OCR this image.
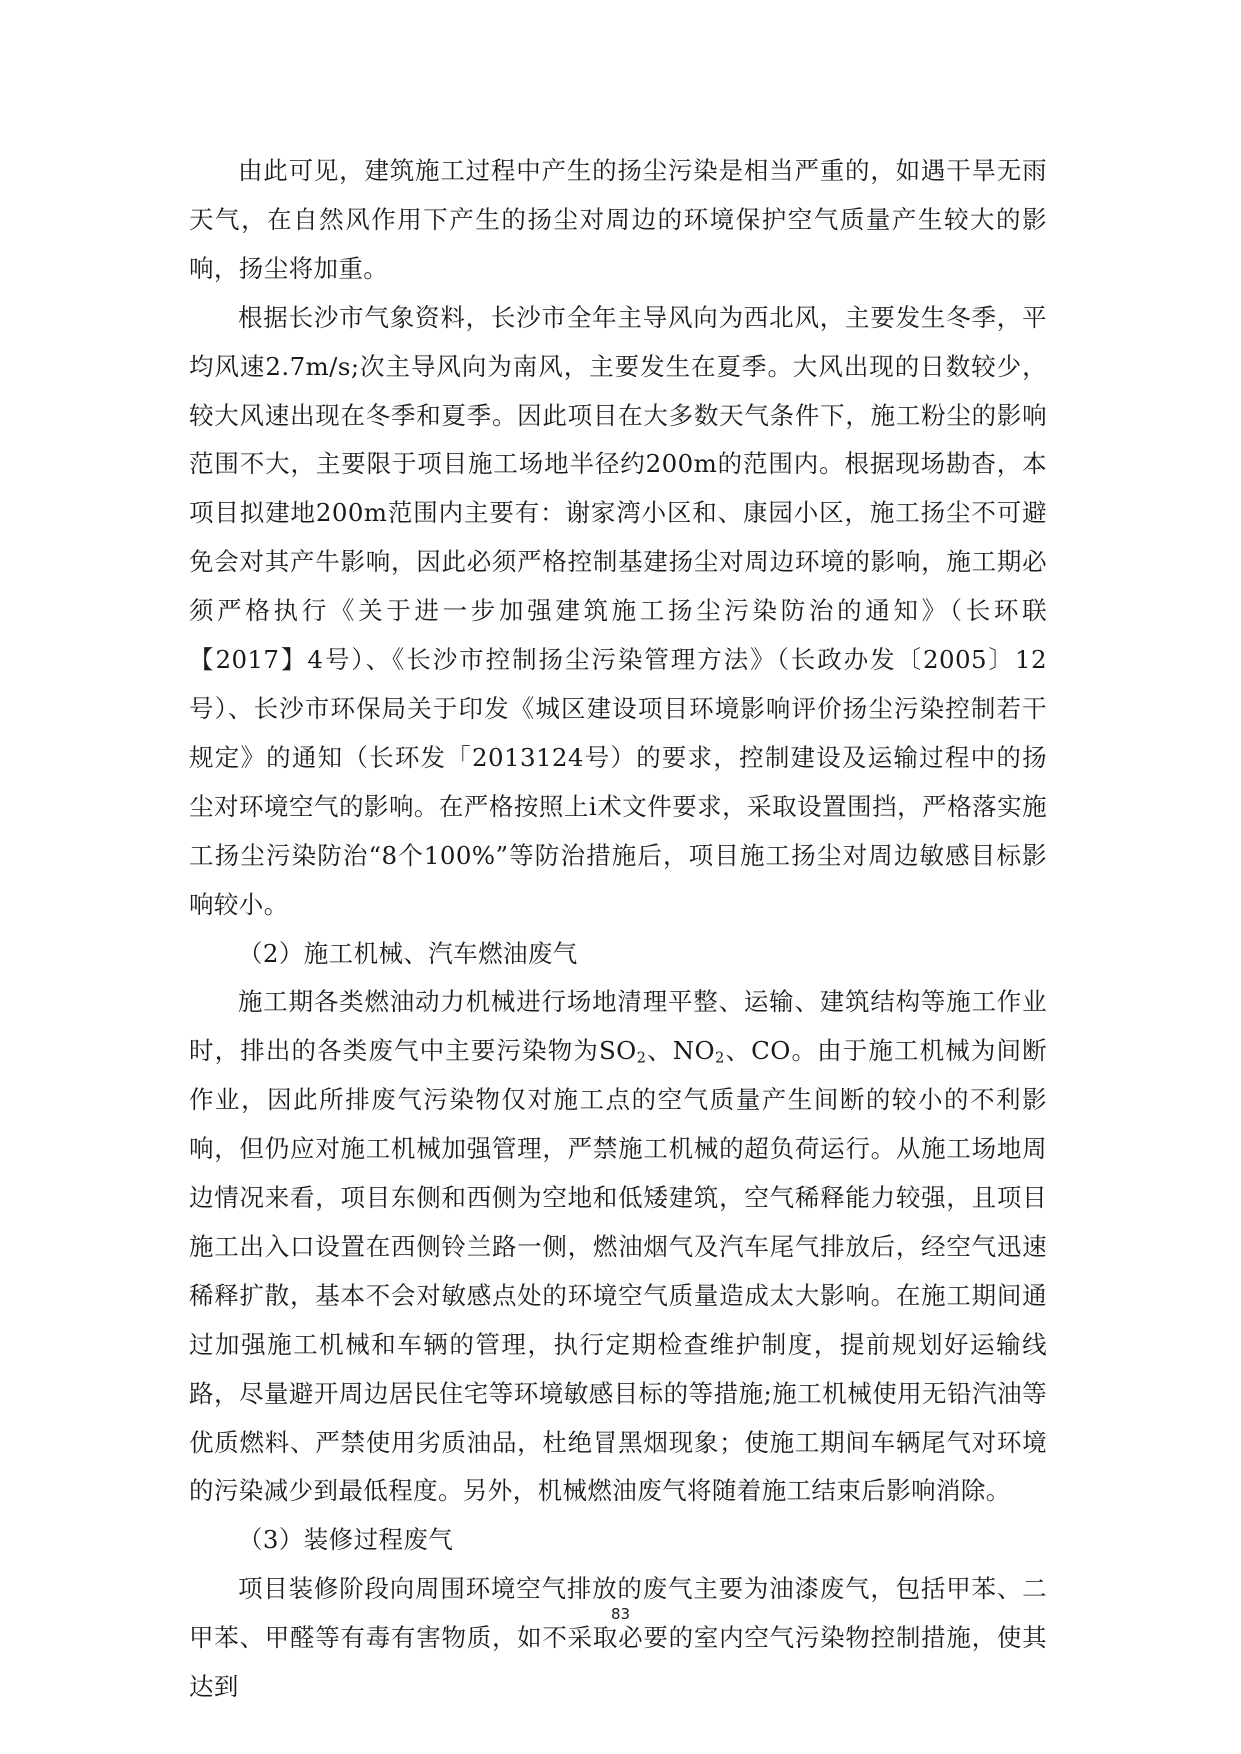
由此可见，建筑施工过程中产生的扬尘污染是相当严重的，如遇干旱无雨天气，在自然风作用下产生的扬尘对周边的环境保护空气质量产生较大的影响，扬尘将加重。

根据长沙市气象资料，长沙市全年主导风向为西北风，主要发生冬季，平均风速2.7m/s;次主导风向为南风，主要发生在夏季。大风出现的日数较少，较大风速出现在冬季和夏季。因此项目在大多数天气条件下，施工粉尘的影响范围不大，主要限于项目施工场地半径约200m的范围内。根据现场勘杳，本项目拟建地200m范围内主要有：谢家湾小区和、康园小区，施工扬尘不可避免会对其产牛影响，因此必须严格控制基建扬尘对周边环境的影响，施工期必须严格执行《关于进一步加强建筑施工扬尘污染防治的通知》（长环联【2017】4号）、《长沙市控制扬尘污染管理方法》（长政办发〔2005〕12号）、长沙市环保局关于印发《城区建设项目环境影响评价扬尘污染控制若干规定》的通知（长环发「2013124号）的要求，控制建设及运输过程中的扬尘对环境空气的影响。在严格按照上i术文件要求，采取设置围挡，严格落实施工扬尘污染防治“8个100%”等防治措施后，项目施工扬尘对周边敏感目标影响较小。

（2）施工机械、汽车燃油废气

施工期各类燃油动力机械进行场地清理平整、运输、建筑结构等施工作业时，排出的各类废气中主要污染物为$SO_2$、$NO_2$、CO。由于施工机械为间断作业，因此所排废气污染物仅对施工点的空气质量产生间断的较小的不利影响，但仍应对施工机械加强管理，严禁施工机械的超负荷运行。从施工场地周边情况来看，项目东侧和西侧为空地和低矮建筑，空气稀释能力较强，且项目施工出入口设置在西侧铃兰路一侧，燃油烟气及汽车尾气排放后，经空气迅速稀释扩散，基本不会对敏感点处的环境空气质量造成太大影响。在施工期间通过加强施工机械和车辆的管理，执行定期检查维护制度，提前规划好运输线路，尽量避开周边居民住宅等环境敏感目标的等措施;施工机械使用无铅汽油等优质燃料、严禁使用劣质油品，杜绝冒黑烟现象；使施工期间车辆尾气对环境的污染减少到最低程度。另外，机械燃油废气将随着施工结束后影响消除。

（3）装修过程废气

项目装修阶段向周围环境空气排放的废气主要为油漆废气，包括甲苯、二甲苯、甲醛等有毒有害物质，如不采取必要的室内空气污染物控制措施，使其达到

83
